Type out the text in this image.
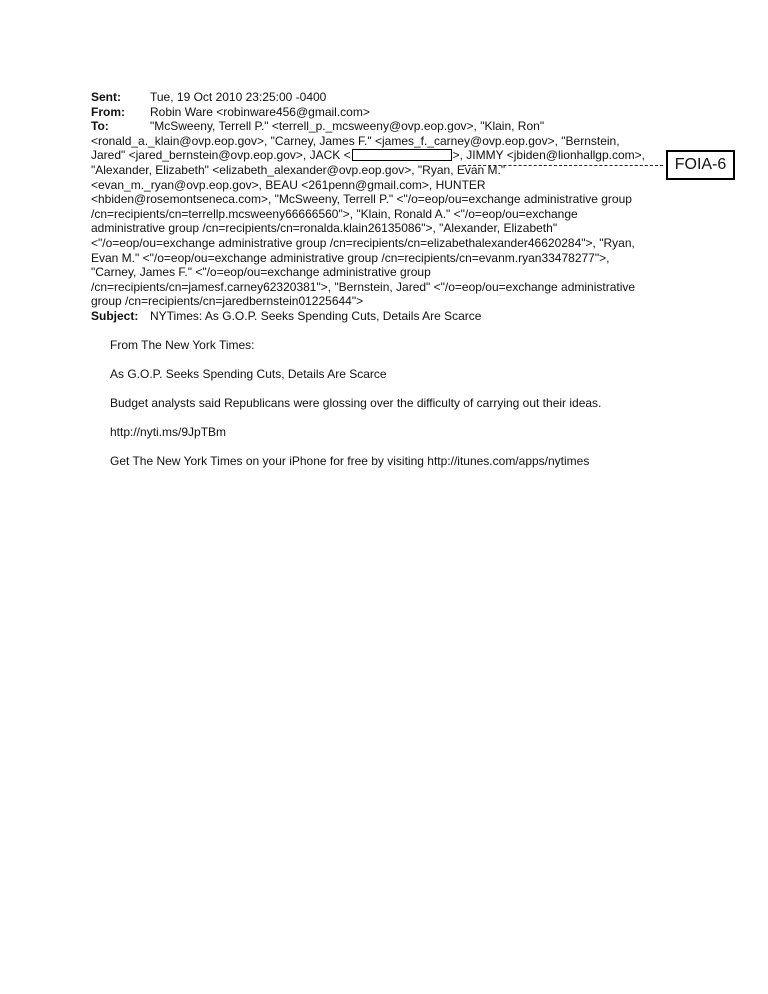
Sent:	Tue, 19 Oct 2010 23:25:00 -0400
From:	Robin Ware <robinware456@gmail.com>
To:	"McSweeny, Terrell P." <terrell_p._mcsweeny@ovp.eop.gov>, "Klain, Ron"
<ronald_a._klain@ovp.eop.gov>, "Carney, James F." <james_f._carney@ovp.eop.gov>, "Bernstein,
Jared" <jared_bernstein@ovp.eop.gov>, JACK <	>, JIMMY <jbiden@lionhallgp.com>,
"Alexander, Elizabeth" <elizabeth_alexander@ovp.eop.gov>, "Ryan, Evan M."
<evan_m._ryan@ovp.eop.gov>, BEAU <261penn@gmail.com>, HUNTER
<hbiden@rosemontseneca.com>, "McSweeny, Terrell P." <"/o=eop/ou=exchange administrative group
/cn=recipients/cn=terrellp.mcsweeny66666560">, "Klain, Ronald A." <"/o=eop/ou=exchange
administrative group /cn=recipients/cn=ronalda.klain26135086">, "Alexander, Elizabeth"
<"/o=eop/ou=exchange administrative group /cn=recipients/cn=elizabethalexander46620284">, "Ryan,
Evan M." <"/o=eop/ou=exchange administrative group /cn=recipients/cn=evanm.ryan33478277">,
"Carney, James F." <"/o=eop/ou=exchange administrative group
/cn=recipients/cn=jamesf.carney62320381">, "Bernstein, Jared" <"/o=eop/ou=exchange administrative
group /cn=recipients/cn=jaredbernstein01225644">
Subject: NYTimes: As G.O.P. Seeks Spending Cuts, Details Are Scarce
FOIA-6

From The New York Times:

As G.O.P. Seeks Spending Cuts, Details Are Scarce

Budget analysts said Republicans were glossing over the difficulty of carrying out their ideas.

http://nyti.ms/9JpTBm

Get The New York Times on your iPhone for free by visiting http://itunes.com/apps/nytimes
